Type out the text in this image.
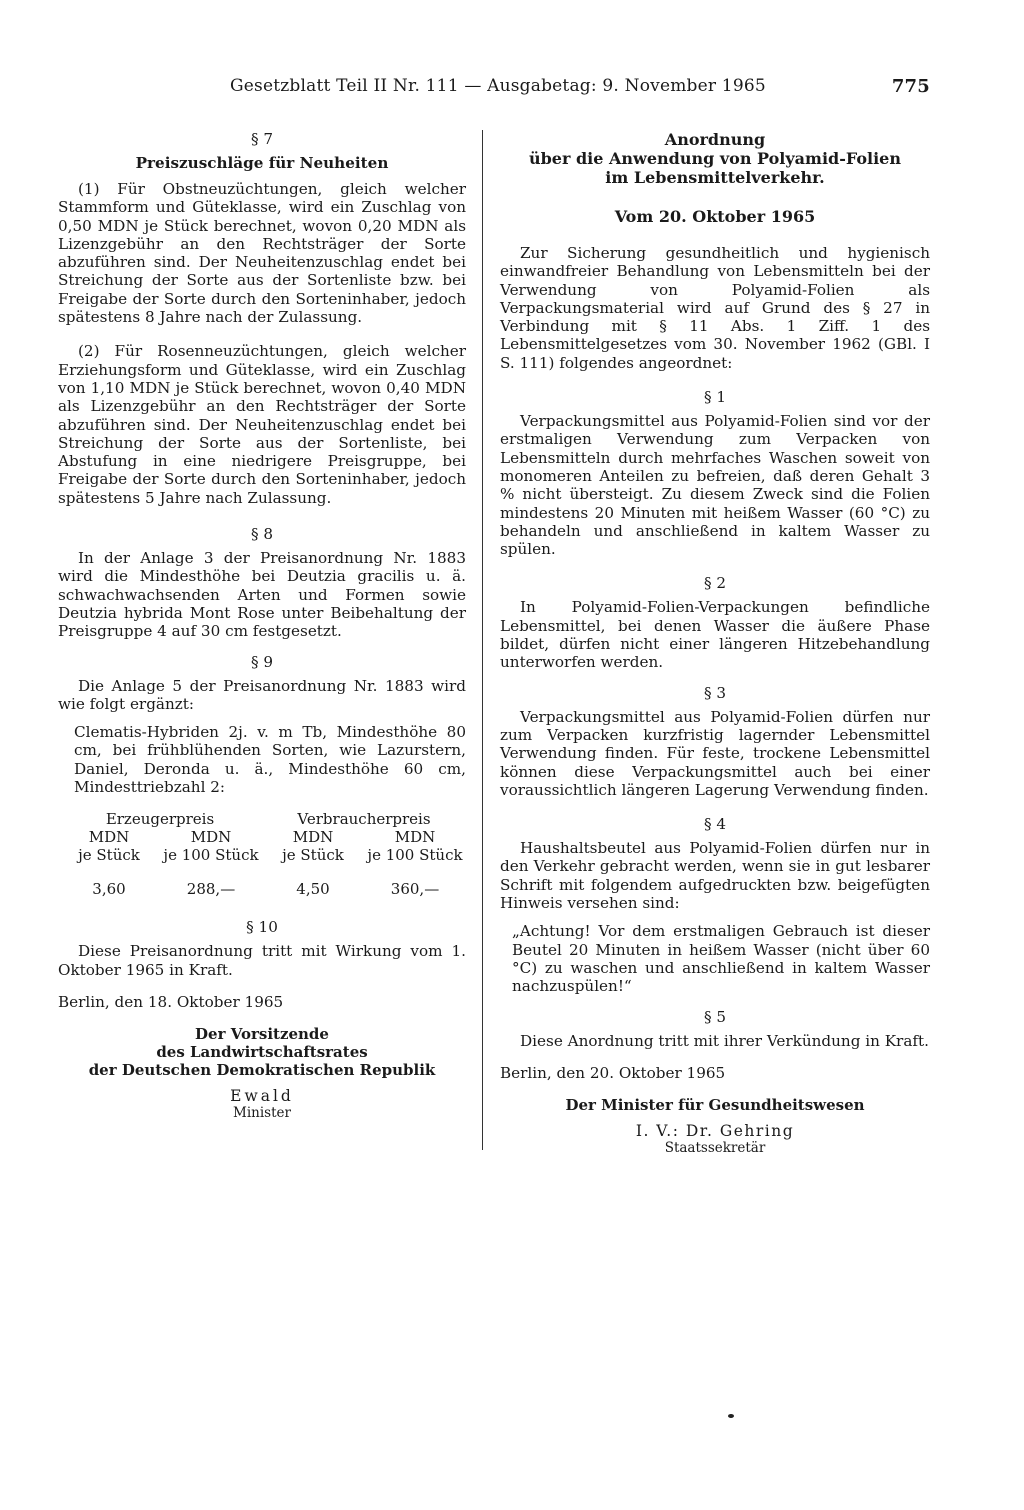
Gesetzblatt Teil II Nr. 111 — Ausgabetag: 9. November 1965	775
§ 7
Preiszuschläge für Neuheiten

(1) Für Obstneuzüchtungen, gleich welcher Stammform und Güteklasse, wird ein Zuschlag von 0,50 MDN je Stück berechnet, wovon 0,20 MDN als Lizenzgebühr an den Rechtsträger der Sorte abzuführen sind. Der Neuheitenzuschlag endet bei Streichung der Sorte aus der Sortenliste bzw. bei Freigabe der Sorte durch den Sorteninhaber, jedoch spätestens 8 Jahre nach der Zulassung.

(2) Für Rosenneuzüchtungen, gleich welcher Erziehungsform und Güteklasse, wird ein Zuschlag von 1,10 MDN je Stück berechnet, wovon 0,40 MDN als Lizenzgebühr an den Rechtsträger der Sorte abzuführen sind. Der Neuheitenzuschlag endet bei Streichung der Sorte aus der Sortenliste, bei Abstufung in eine niedrigere Preisgruppe, bei Freigabe der Sorte durch den Sorteninhaber, jedoch spätestens 5 Jahre nach Zulassung.

§ 8

In der Anlage 3 der Preisanordnung Nr. 1883 wird die Mindesthöhe bei Deutzia gracilis u. ä. schwachwachsenden Arten und Formen sowie Deutzia hybrida Mont Rose unter Beibehaltung der Preisgruppe 4 auf 30 cm festgesetzt.

§ 9

Die Anlage 5 der Preisanordnung Nr. 1883 wird wie folgt ergänzt:

Clematis-Hybriden 2j. v. m Tb, Mindesthöhe 80 cm, bei frühblühenden Sorten, wie Lazurstern, Daniel, Deronda u. ä., Mindesthöhe 60 cm, Mindesttriebzahl 2:

Erzeugerpreis	Verbraucherpreis
MDN	MDN	MDN	MDN
je Stück	je 100 Stück	je Stück	je 100 Stück
3,60	288,—	4,50	360,—
§ 10

Diese Preisanordnung tritt mit Wirkung vom 1. Oktober 1965 in Kraft.

Berlin, den 18. Oktober 1965

Der Vorsitzende
des Landwirtschaftsrates
der Deutschen Demokratischen Republik
Ewald
Minister
Anordnung
über die Anwendung von Polyamid-Folien
im Lebensmittelverkehr.
Vom 20. Oktober 1965

Zur Sicherung gesundheitlich und hygienisch einwandfreier Behandlung von Lebensmitteln bei der Verwendung von Polyamid-Folien als Verpackungsmaterial wird auf Grund des § 27 in Verbindung mit § 11 Abs. 1 Ziff. 1 des Lebensmittelgesetzes vom 30. November 1962 (GBl. I S. 111) folgendes angeordnet:

§ 1

Verpackungsmittel aus Polyamid-Folien sind vor der erstmaligen Verwendung zum Verpacken von Lebensmitteln durch mehrfaches Waschen soweit von monomeren Anteilen zu befreien, daß deren Gehalt 3 % nicht übersteigt. Zu diesem Zweck sind die Folien mindestens 20 Minuten mit heißem Wasser (60 °C) zu behandeln und anschließend in kaltem Wasser zu spülen.

§ 2

In Polyamid-Folien-Verpackungen befindliche Lebensmittel, bei denen Wasser die äußere Phase bildet, dürfen nicht einer längeren Hitzebehandlung unterworfen werden.

§ 3

Verpackungsmittel aus Polyamid-Folien dürfen nur zum Verpacken kurzfristig lagernder Lebensmittel Verwendung finden. Für feste, trockene Lebensmittel können diese Verpackungsmittel auch bei einer voraussichtlich längeren Lagerung Verwendung finden.

§ 4

Haushaltsbeutel aus Polyamid-Folien dürfen nur in den Verkehr gebracht werden, wenn sie in gut lesbarer Schrift mit folgendem aufgedruckten bzw. beigefügten Hinweis versehen sind:

„Achtung! Vor dem erstmaligen Gebrauch ist dieser Beutel 20 Minuten in heißem Wasser (nicht über 60 °C) zu waschen und anschließend in kaltem Wasser nachzuspülen!“

§ 5

Diese Anordnung tritt mit ihrer Verkündung in Kraft.

Berlin, den 20. Oktober 1965

Der Minister für Gesundheitswesen
I. V.: Dr. Gehring
Staatssekretär
